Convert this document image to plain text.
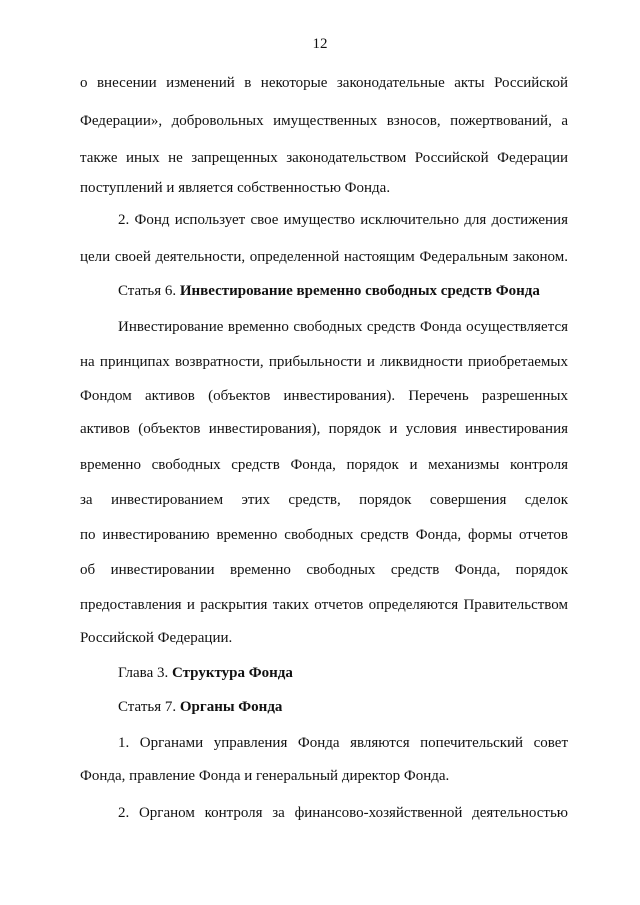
12
о внесении изменений в некоторые законодательные акты Российской
Федерации», добровольных имущественных взносов, пожертвований, а
также иных не запрещенных законодательством Российской Федерации
поступлений и является собственностью Фонда.
2. Фонд использует свое имущество исключительно для достижения
цели своей деятельности, определенной настоящим Федеральным законом.
Статья 6. Инвестирование временно свободных средств Фонда
Инвестирование временно свободных средств Фонда осуществляется
на принципах возвратности, прибыльности и ликвидности приобретаемых
Фондом активов (объектов инвестирования). Перечень разрешенных
активов (объектов инвестирования), порядок и условия инвестирования
временно свободных средств Фонда, порядок и механизмы контроля
за инвестированием этих средств, порядок совершения сделок
по инвестированию временно свободных средств Фонда, формы отчетов
об инвестировании временно свободных средств Фонда, порядок
предоставления и раскрытия таких отчетов определяются Правительством
Российской Федерации.
Глава 3. Структура Фонда
Статья 7. Органы Фонда
1. Органами управления Фонда являются попечительский совет
Фонда, правление Фонда и генеральный директор Фонда.
2. Органом контроля за финансово-хозяйственной деятельностью
